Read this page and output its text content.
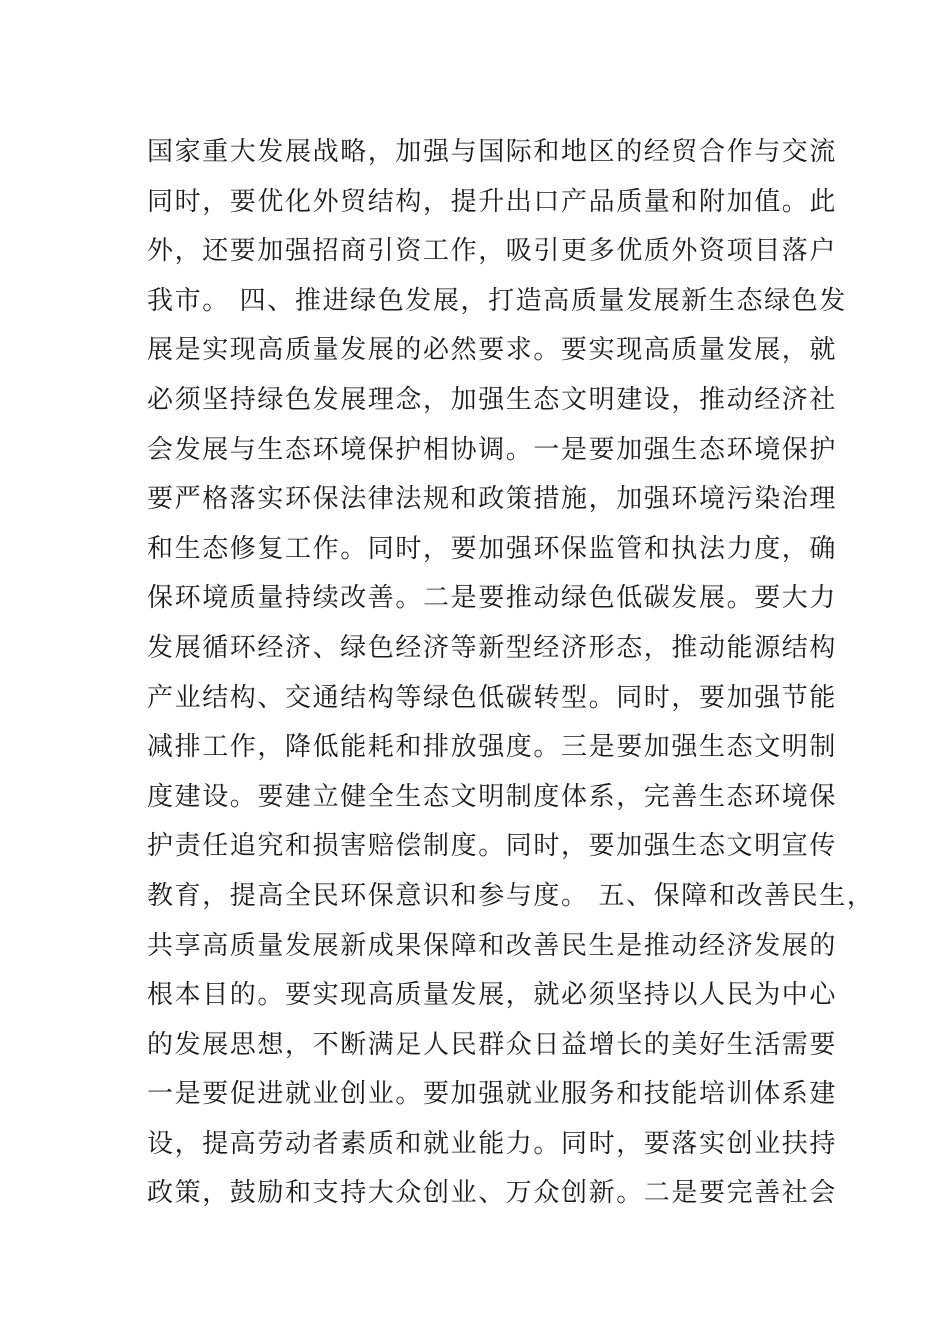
国家重大发展战略，加强与国际和地区的经贸合作与交流
同时，要优化外贸结构，提升出口产品质量和附加值。此
外，还要加强招商引资工作，吸引更多优质外资项目落户
我市。 四、推进绿色发展，打造高质量发展新生态绿色发
展是实现高质量发展的必然要求。要实现高质量发展，就
必须坚持绿色发展理念，加强生态文明建设，推动经济社
会发展与生态环境保护相协调。一是要加强生态环境保护
要严格落实环保法律法规和政策措施，加强环境污染治理
和生态修复工作。同时，要加强环保监管和执法力度，确
保环境质量持续改善。二是要推动绿色低碳发展。要大力
发展循环经济、绿色经济等新型经济形态，推动能源结构
产业结构、交通结构等绿色低碳转型。同时，要加强节能
减排工作，降低能耗和排放强度。三是要加强生态文明制
度建设。要建立健全生态文明制度体系，完善生态环境保
护责任追究和损害赔偿制度。同时，要加强生态文明宣传
教育，提高全民环保意识和参与度。 五、保障和改善民生，
共享高质量发展新成果保障和改善民生是推动经济发展的
根本目的。要实现高质量发展，就必须坚持以人民为中心
的发展思想，不断满足人民群众日益增长的美好生活需要
一是要促进就业创业。要加强就业服务和技能培训体系建
设，提高劳动者素质和就业能力。同时，要落实创业扶持
政策，鼓励和支持大众创业、万众创新。二是要完善社会
